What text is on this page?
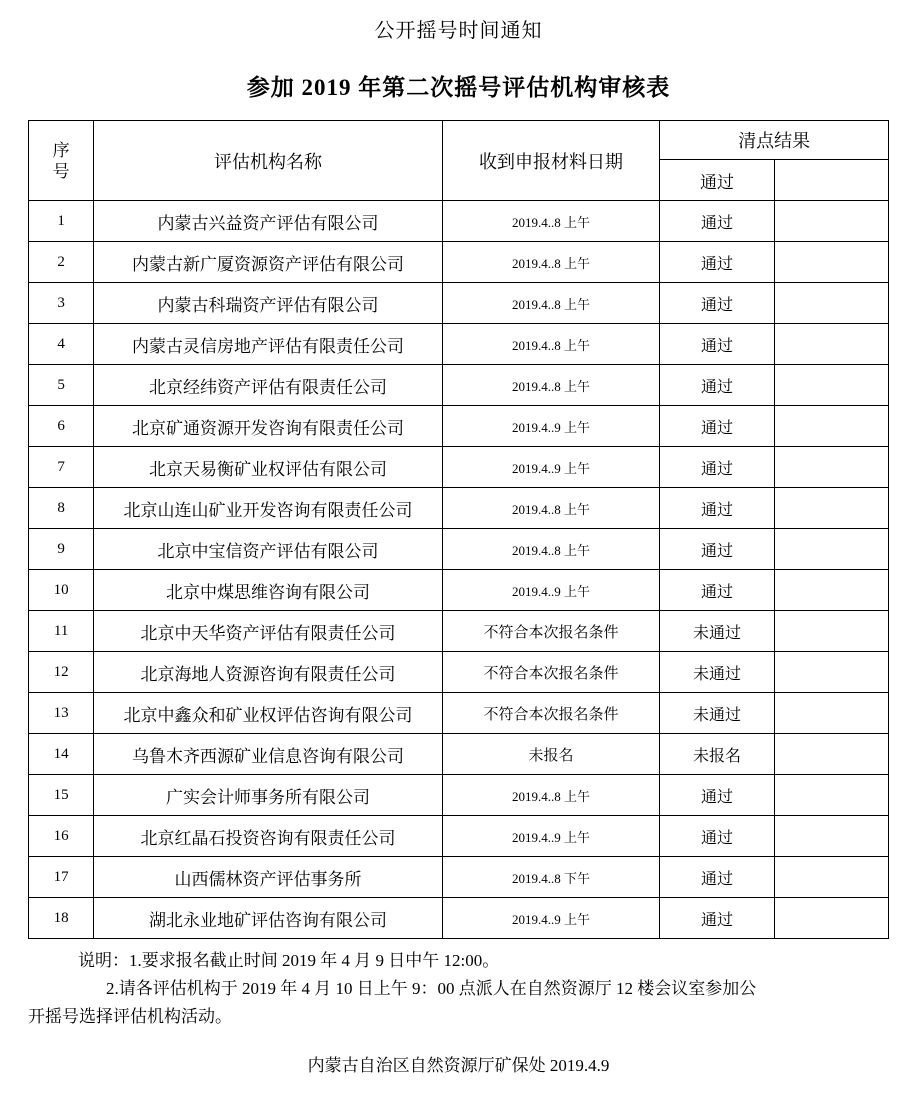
公开摇号时间通知
参加 2019 年第二次摇号评估机构审核表
序
号	评估机构名称	收到申报材料日期	清点结果	
			通过	
1	内蒙古兴益资产评估有限公司	2019.4..8 上午	通过	
2	内蒙古新广厦资源资产评估有限公司	2019.4..8 上午	通过	
3	内蒙古科瑞资产评估有限公司	2019.4..8 上午	通过	
4	内蒙古灵信房地产评估有限责任公司	2019.4..8 上午	通过	
5	北京经纬资产评估有限责任公司	2019.4..8 上午	通过	
6	北京矿通资源开发咨询有限责任公司	2019.4..9 上午	通过	
7	北京天易衡矿业权评估有限公司	2019.4..9 上午	通过	
8	北京山连山矿业开发咨询有限责任公司	2019.4..8 上午	通过	
9	北京中宝信资产评估有限公司	2019.4..8 上午	通过	
10	北京中煤思维咨询有限公司	2019.4..9 上午	通过	
11	北京中天华资产评估有限责任公司	不符合本次报名条件	未通过	
12	北京海地人资源咨询有限责任公司	不符合本次报名条件	未通过	
13	北京中鑫众和矿业权评估咨询有限公司	不符合本次报名条件	未通过	
14	乌鲁木齐西源矿业信息咨询有限公司	未报名	未报名	
15	广实会计师事务所有限公司	2019.4..8 上午	通过	
16	北京红晶石投资咨询有限责任公司	2019.4..9 上午	通过	
17	山西儒林资产评估事务所	2019.4..8 下午	通过	
18	湖北永业地矿评估咨询有限公司	2019.4..9 上午	通过	

说明：1.要求报名截止时间 2019 年 4 月 9 日中午 12:00。

2.请各评估机构于 2019 年 4 月 10 日上午 9：00 点派人在自然资源厅 12 楼会议室参加公

开摇号选择评估机构活动。

内蒙古自治区自然资源厅矿保处 2019.4.9
